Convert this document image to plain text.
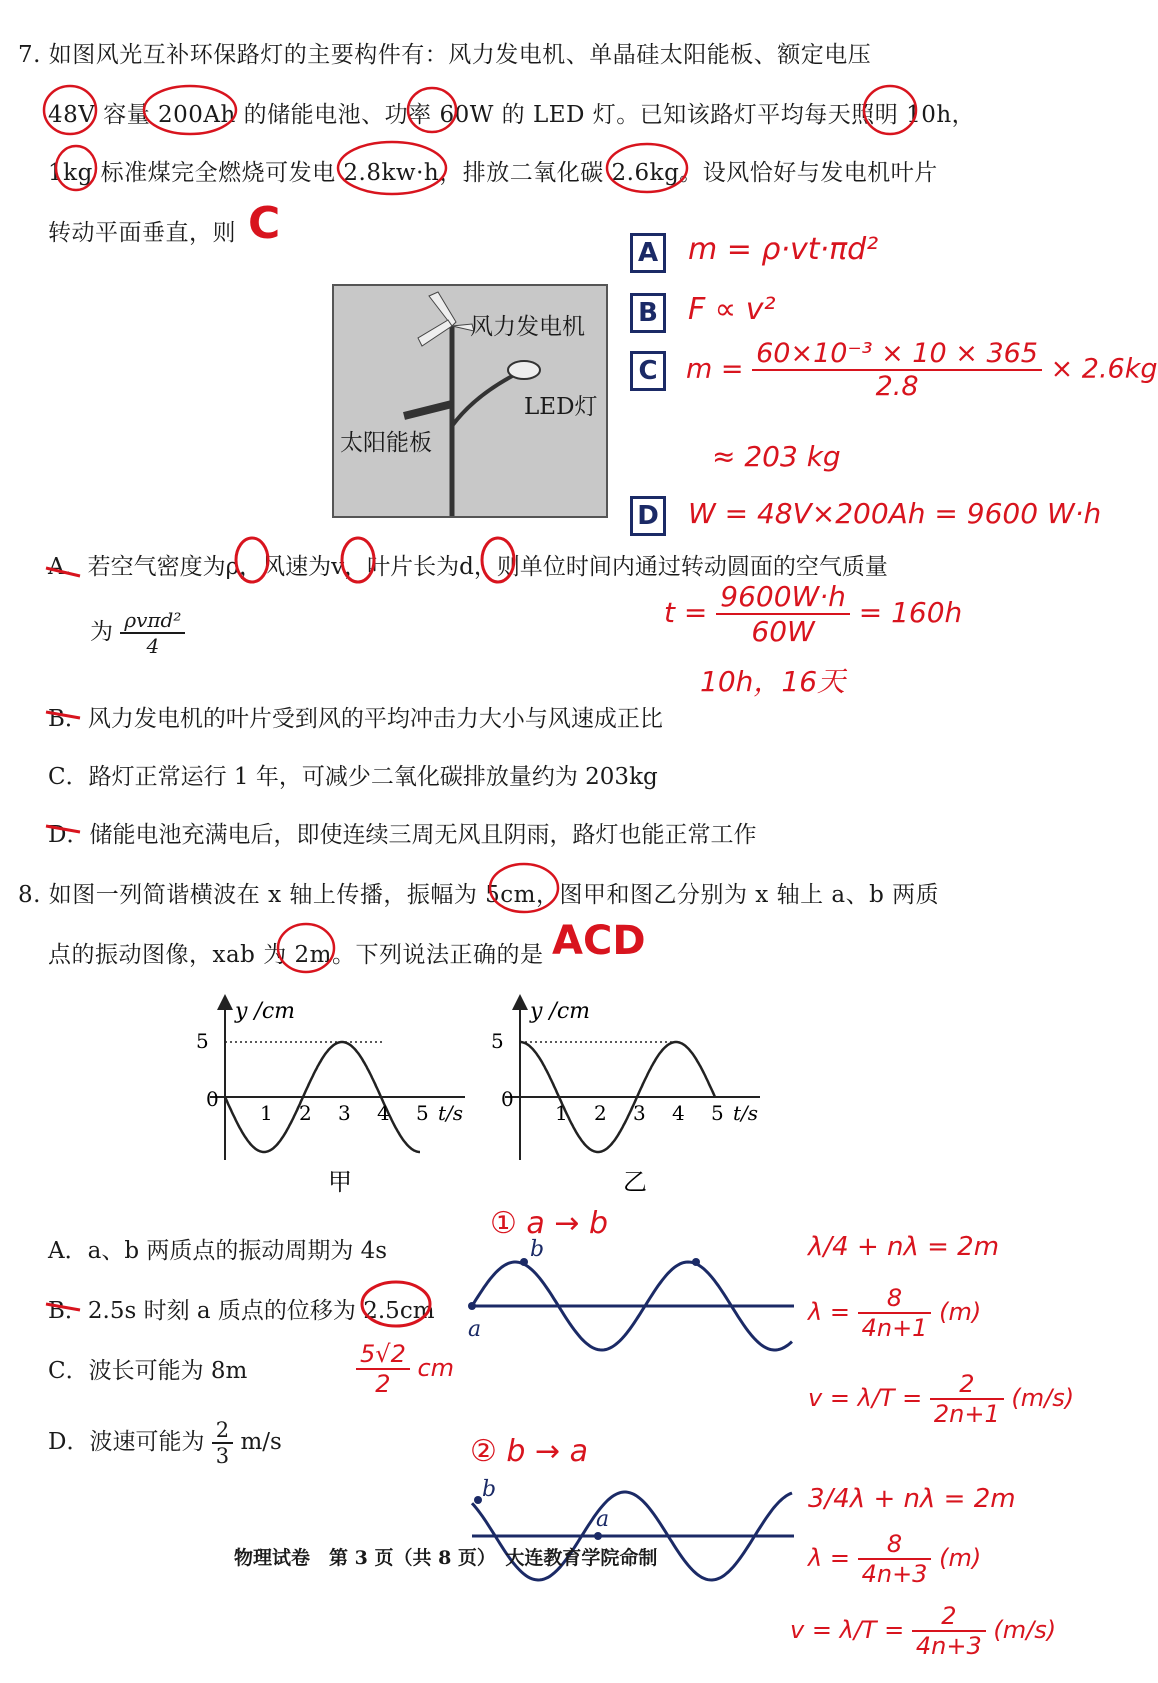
7. 如图风光互补环保路灯的主要构件有：风力发电机、单晶硅太阳能板、额定电压
48V 容量 200Ah 的储能电池、功率 60W 的 LED 灯。已知该路灯平均每天照明 10h，
1kg 标准煤完全燃烧可发电 2.8kw·h，排放二氧化碳 2.6kg。设风恰好与发电机叶片
转动平面垂直，则 C
风力发电机
LED灯
太阳能板
A m = ρ·vt·πd²
B F ∝ v²
C	$m = \frac{\text{60×10⁻³ × 10 × 365}}{2.8} \times 2.6kg$
≈ 203 kg
D W = 48V×200Ah = 9600 W·h
$t = \frac{9600W\cdot h}{60W} = 160h$
10h，16天
A．若空气密度为ρ，风速为v，叶片长为d，则单位时间内通过转动圆面的空气质量
为 $\frac{\text{ρvπd²}}{4}$
B．风力发电机的叶片受到风的平均冲击力大小与风速成正比
C．路灯正常运行 1 年，可减少二氧化碳排放量约为 203kg
D．储能电池充满电后，即使连续三周无风且阴雨，路灯也能正常工作
8. 如图一列简谐横波在 x 轴上传播，振幅为 5cm，图甲和图乙分别为 x 轴上 a、b 两质
点的振动图像，xab 为 2m。下列说法正确的是 ACD
y /cm
5
0
1 2 3 4 5 t/s
甲
y /cm
5
0
1 2 3 4 5 t/s
乙
A．a、b 两质点的振动周期为 4s
B．2.5s 时刻 a 质点的位移为 2.5cm
C．波长可能为 8m
D．波速可能为 $\frac{2}{3} m/s$
$\frac{5√2}{2}$ cm
① a → b
a
b
② b → a
b
a
λ/4 + nλ = 2m
$\lambda = \frac{8}{4n+1} (m)$
$v = \lambda/T = \frac{2}{2n+1} (m/s)$
3/4λ + nλ = 2m
$\lambda = \frac{8}{4n+3} (m)$
$v = \lambda/T = \frac{2}{4n+3} (m/s)$
物理试卷　第 3 页（共 8 页）　大连教育学院命制
